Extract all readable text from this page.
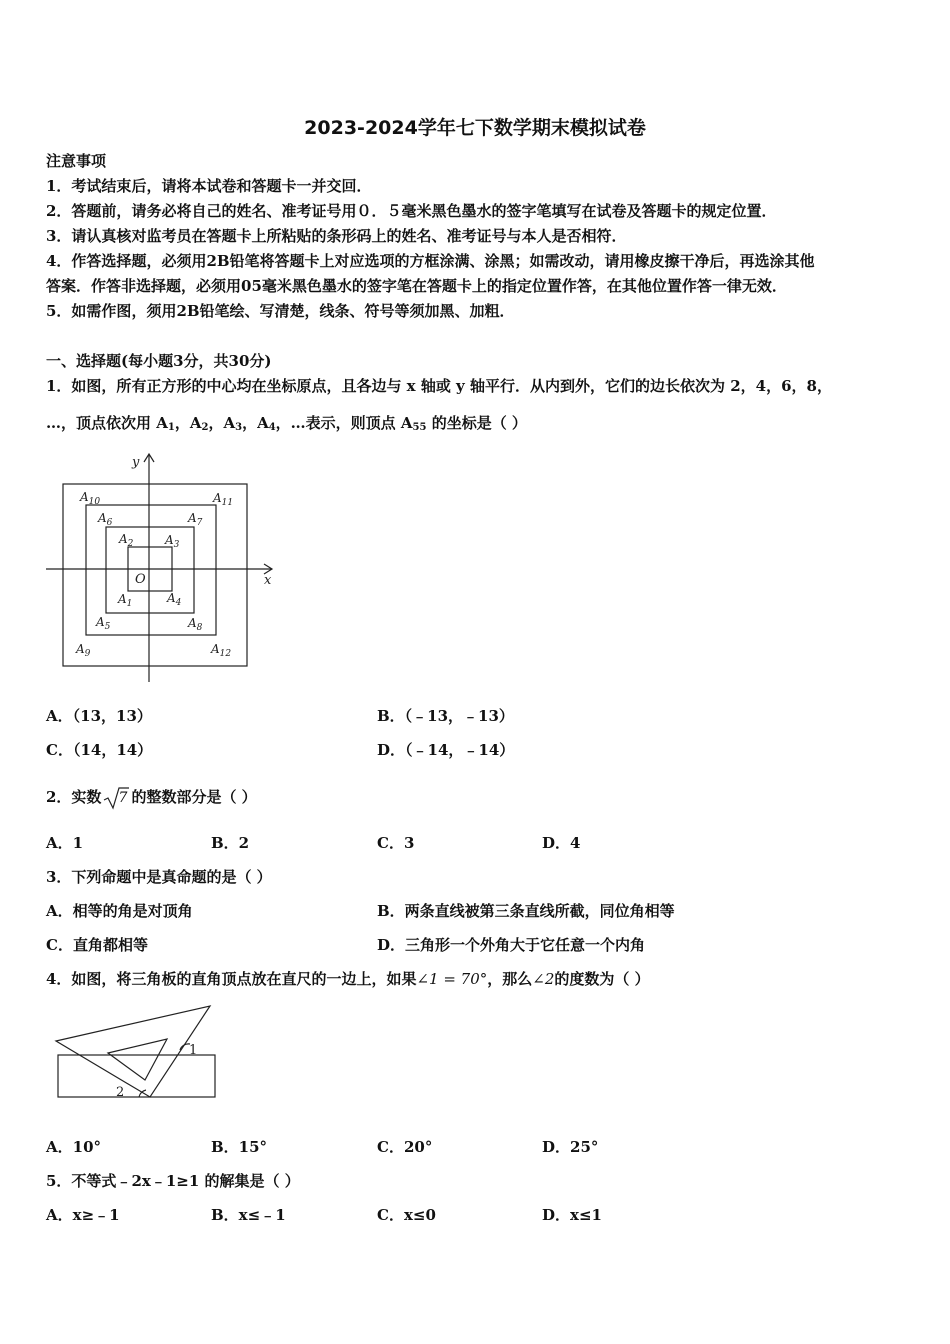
2023-2024学年七下数学期末模拟试卷
注意事项
1．考试结束后，请将本试卷和答题卡一并交回．
2．答题前，请务必将自己的姓名、准考证号用０．５毫米黑色墨水的签字笔填写在试卷及答题卡的规定位置．
3．请认真核对监考员在答题卡上所粘贴的条形码上的姓名、准考证号与本人是否相符．
4．作答选择题，必须用2B铅笔将答题卡上对应选项的方框涂满、涂黑；如需改动，请用橡皮擦干净后，再选涂其他
答案．作答非选择题，必须用05毫米黑色墨水的签字笔在答题卡上的指定位置作答，在其他位置作答一律无效．
5．如需作图，须用2B铅笔绘、写清楚，线条、符号等须加黑、加粗．
一、选择题(每小题3分，共30分)
1．如图，所有正方形的中心均在坐标原点，且各边与 x 轴或 y 轴平行．从内到外，它们的边长依次为 2，4，6，8，
…，顶点依次用 $A_1$，$A_2$，$A_3$，$A_4$，…表示，则顶点 $A_{55}$ 的坐标是（ ）
x
y
O
$A_1$
$A_2$	$A_3$
$A_4$
$A_5$
$A_6$	$A_7$
$A_8$
$A_9$
$A_{10}$	$A_{11}$
$A_{12}$
A．（13，13）	B．（﹣13，﹣13）
C．（14，14）	D．（﹣14，﹣14）
2．实数 7 的整数部分是（ ）
A．1	B．2	C．3	D．4
3．下列命题中是真命题的是（ ）
A．相等的角是对顶角	B．两条直线被第三条直线所截，同位角相等
C．直角都相等	D．三角形一个外角大于它任意一个内角
4．如图，将三角板的直角顶点放在直尺的一边上，如果∠1 = 70°，那么∠2的度数为（ ）
1
2
A．10°	B．15°	C．20°	D．25°
5．不等式﹣2x﹣1≥1 的解集是（ ）
A．x≥﹣1	B．x≤﹣1	C．x≤0	D．x≤1
